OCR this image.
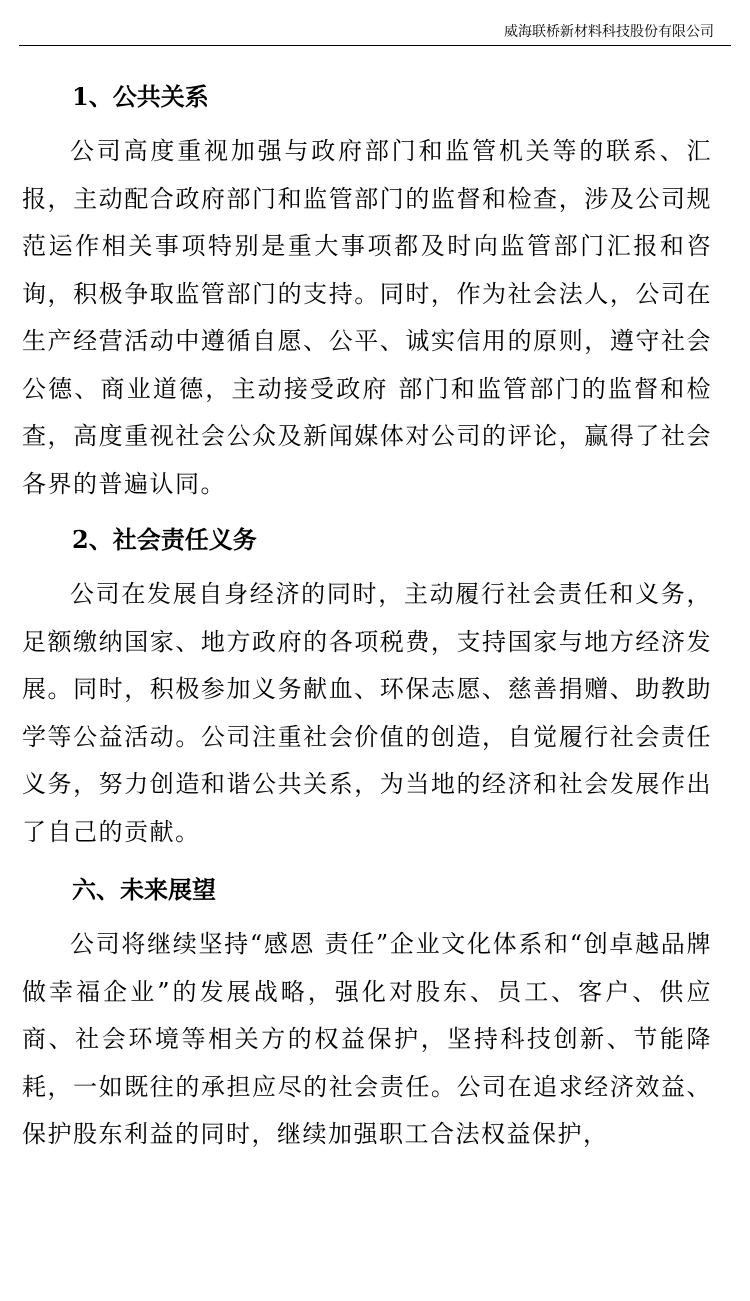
威海联桥新材料科技股份有限公司
1、公共关系

公司高度重视加强与政府部门和监管机关等的联系、汇报，主动配合政府部门和监管部门的监督和检查，涉及公司规范运作相关事项特别是重大事项都及时向监管部门汇报和咨询，积极争取监管部门的支持。同时，作为社会法人，公司在生产经营活动中遵循自愿、公平、诚实信用的原则，遵守社会公德、商业道德，主动接受政府 部门和监管部门的监督和检查，高度重视社会公众及新闻媒体对公司的评论，赢得了社会各界的普遍认同。

2、社会责任义务

公司在发展自身经济的同时，主动履行社会责任和义务，足额缴纳国家、地方政府的各项税费，支持国家与地方经济发展。同时，积极参加义务献血、环保志愿、慈善捐赠、助教助学等公益活动。公司注重社会价值的创造，自觉履行社会责任义务，努力创造和谐公共关系，为当地的经济和社会发展作出了自己的贡献。

六、未来展望

公司将继续坚持“感恩 责任”企业文化体系和“创卓越品牌 做幸福企业”的发展战略，强化对股东、员工、客户、供应商、社会环境等相关方的权益保护，坚持科技创新、节能降耗，一如既往的承担应尽的社会责任。公司在追求经济效益、保护股东利益的同时，继续加强职工合法权益保护，
